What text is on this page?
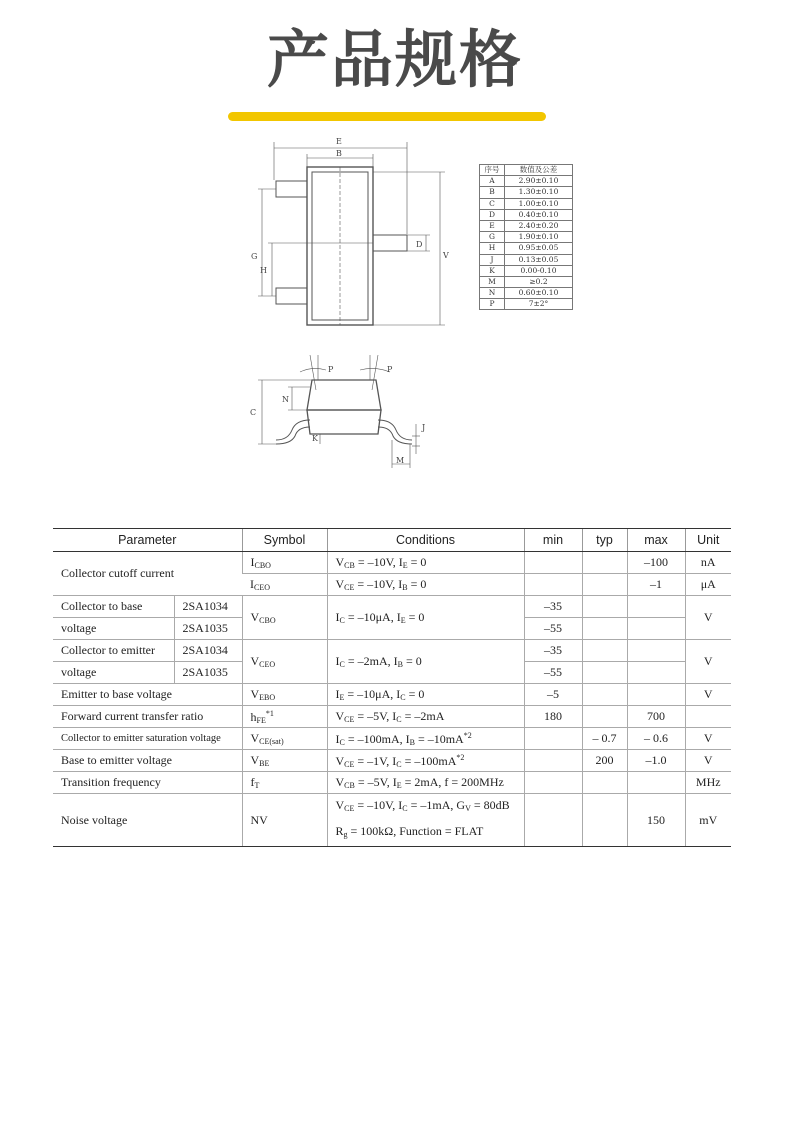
产品规格
E
B
G
H
D
V
P	P
N
C
K
J
M
序号	数值及公差
A	2.90±0.10
B	1.30±0.10
C	1.00±0.10
D	0.40±0.10
E	2.40±0.20
G	1.90±0.10
H	0.95±0.05
J	0.13±0.05
K	0.00-0.10
M	≥0.2
N	0.60±0.10
P	7±2°
Parameter		Symbol	Conditions	min	typ	max	Unit
Collector cutoff current		$I_{CBO}$	$V_{CB} = -10V$, $I_E = 0$			–100	nA
		$I_{CEO}$	$V_{CE} = -10V$, $I_B = 0$			–1	μA
Collector to base	2SA1034	$V_{CBO}$	$I_C = -10\mu A$, $I_E = 0$	–35			V
voltage	2SA1035			–55			
Collector to emitter	2SA1034	$V_{CEO}$	$I_C = -2mA$, $I_B = 0$	–35			V
voltage	2SA1035			–55			
Emitter to base voltage		$V_{EBO}$	$I_E = -10\mu A$, $I_C = 0$	–5			V
Forward current transfer ratio		$h_{FE}^{*1}$	$V_{CE} = -5V$, $I_C = -2mA$	180		700	
Collector to emitter saturation voltage		$V_{CE(sat)}$	$I_C = -100mA$, $I_B = -10mA^{*2}$		– 0.7	– 0.6	V
Base to emitter voltage		$V_{BE}$	$V_{CE} = -1V$, $I_C = -100mA^{*2}$		200	–1.0	V
Transition frequency		$f_T$	$V_{CB} = -5V$, $I_E = 2mA$, f = 200MHz				MHz
Noise voltage		NV	$V_{CE} = -10V$, $I_C = -1mA$, $G_V = 80dB$
$R_g = 100k\Omega$, Function = FLAT			150	mV
